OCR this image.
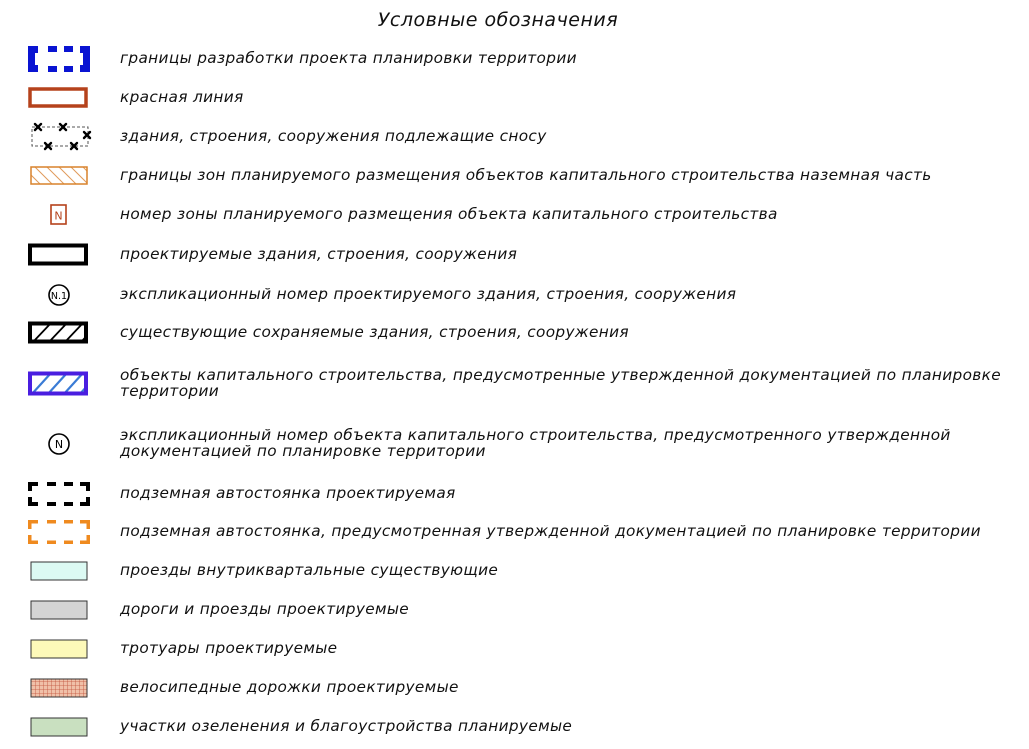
Условные обозначения
границы разработки проекта планировки территории
красная линия
здания, строения, сооружения подлежащие сносу
границы зон планируемого размещения объектов капитального строительства наземная часть
N	номер зоны планируемого размещения объекта капитального строительства
проектируемые здания, строения, сооружения
N.1	экспликационный номер проектируемого здания, строения, сооружения
существующие сохраняемые здания, строения, сооружения
объекты капитального строительства, предусмотренные утвержденной документацией по планировке
территории
N
экспликационный номер объекта капитального строительства, предусмотренного утвержденной
документацией по планировке территории
подземная автостоянка проектируемая
подземная автостоянка, предусмотренная утвержденной документацией по планировке территории
проезды внутриквартальные существующие
дороги и проезды проектируемые
тротуары проектируемые
велосипедные дорожки проектируемые
участки озеленения и благоустройства планируемые
